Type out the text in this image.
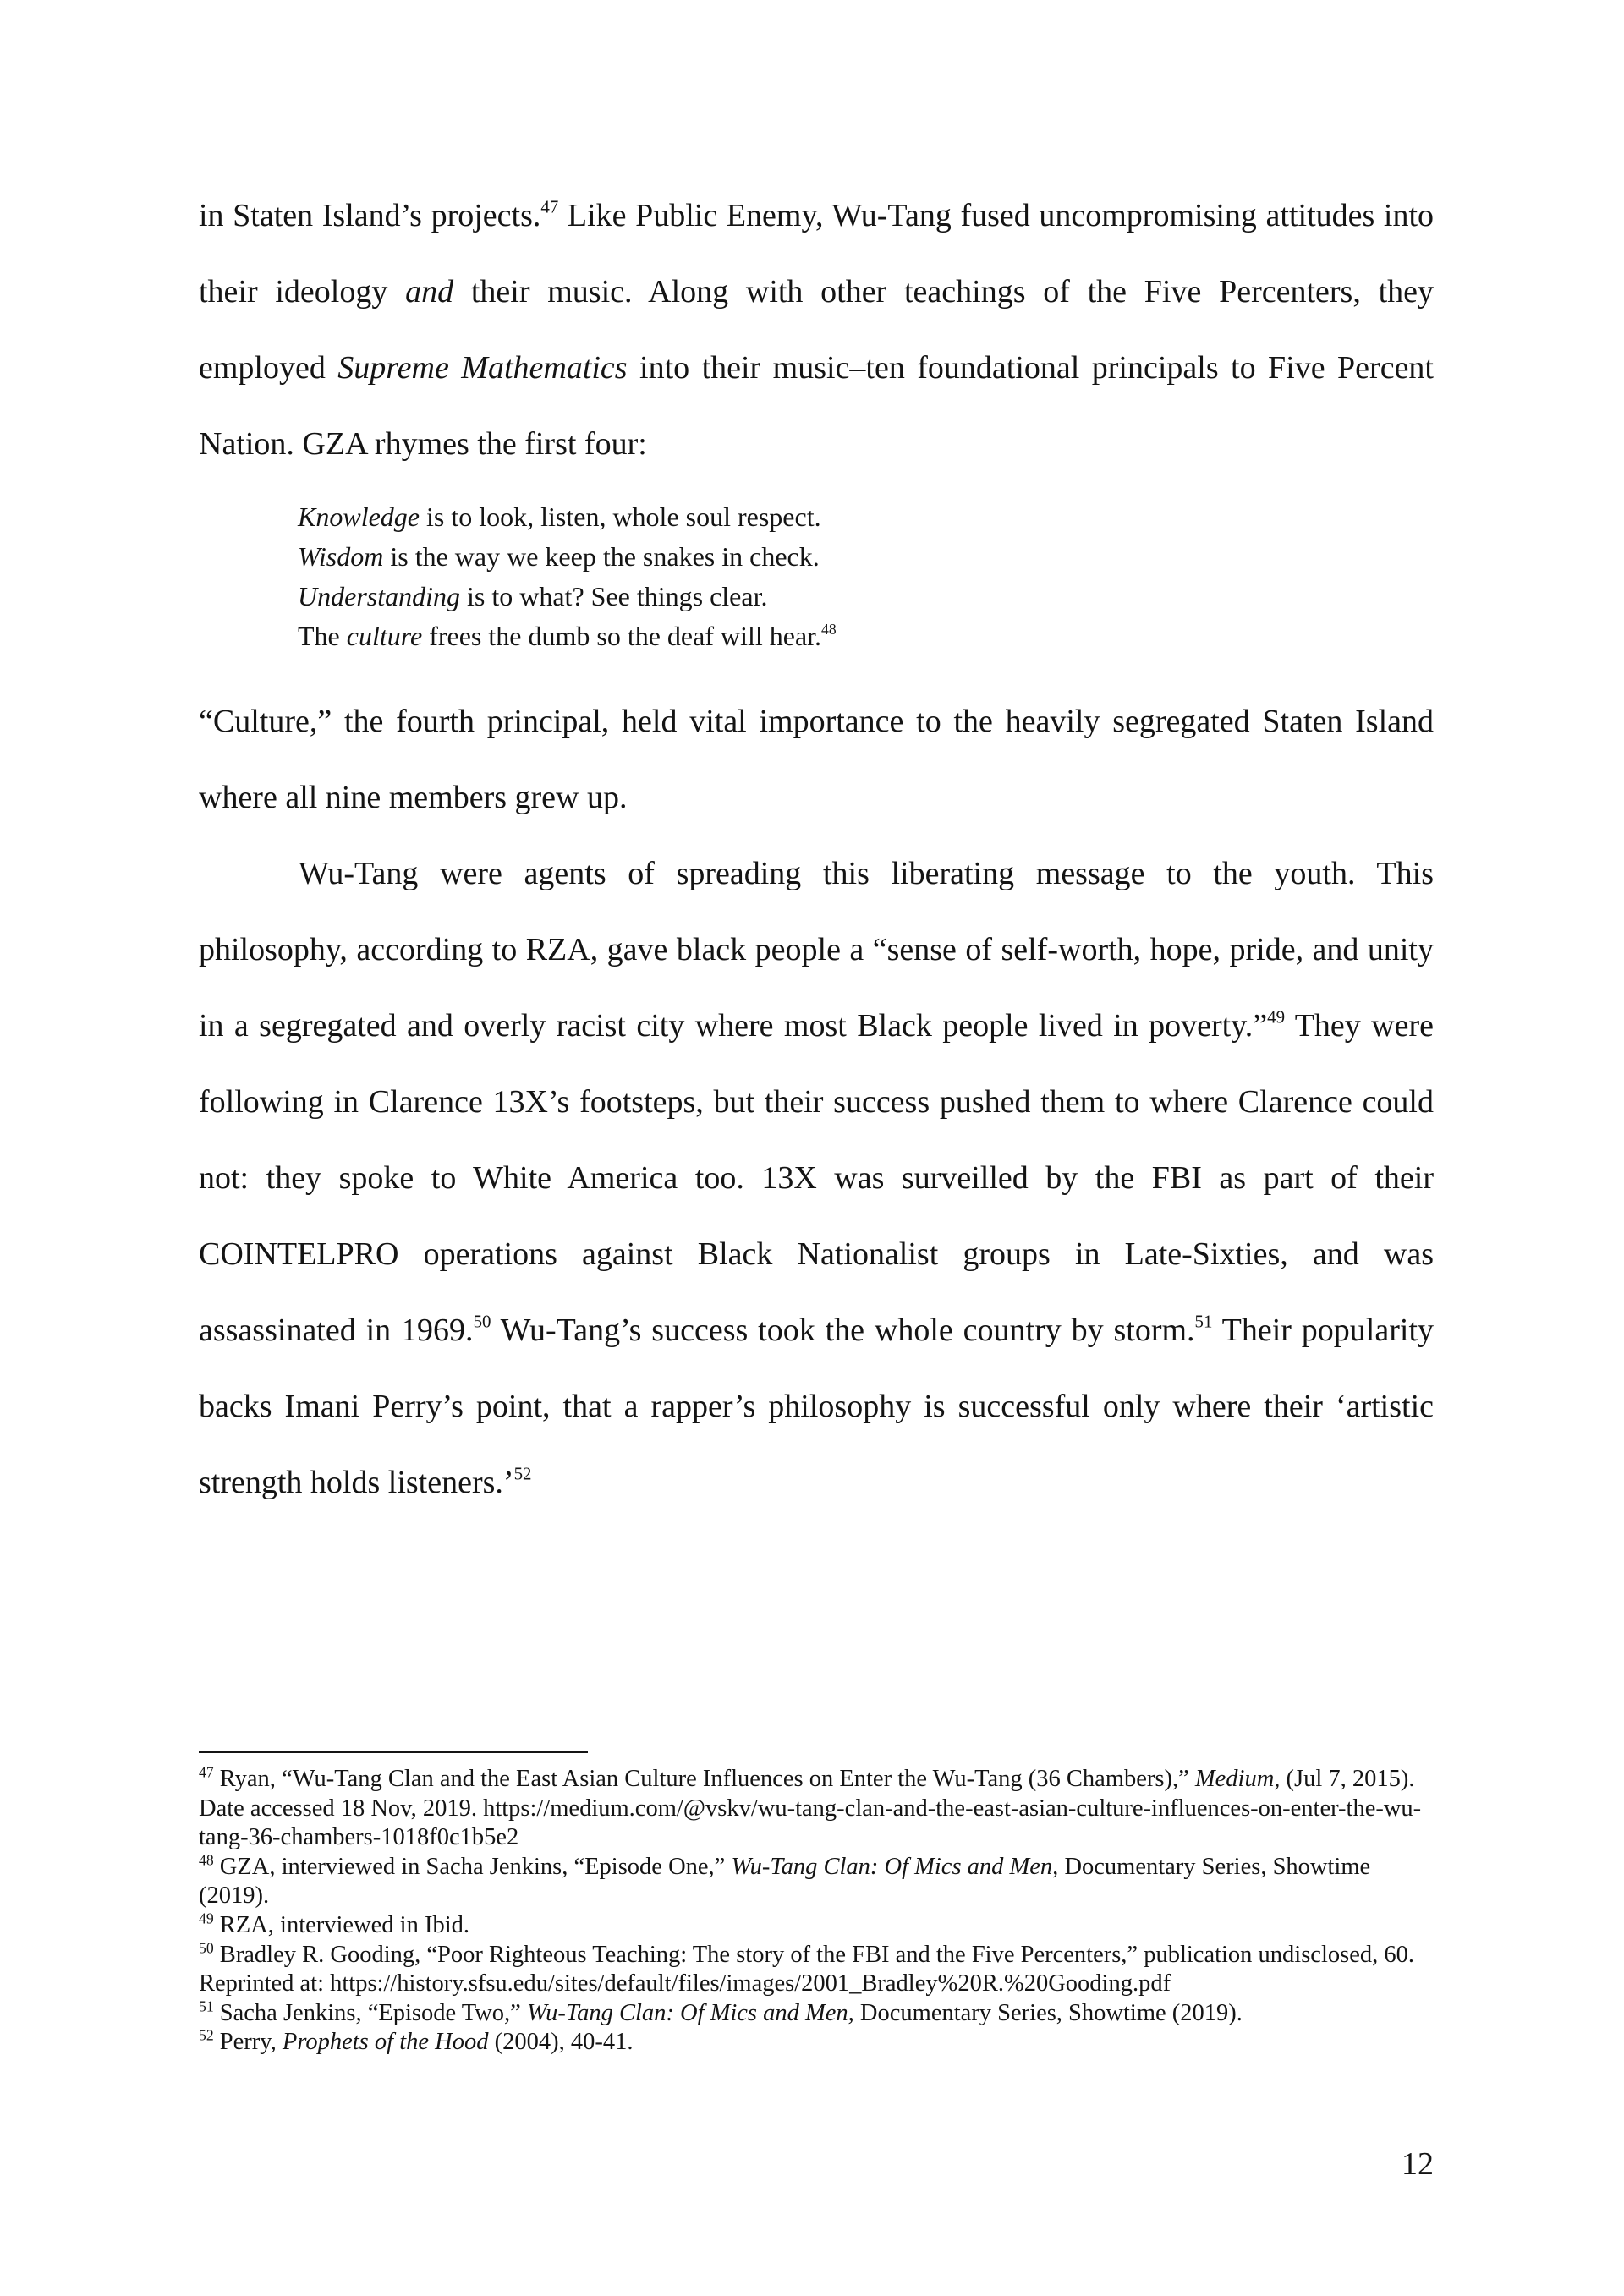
in Staten Island’s projects.$^{47}$ Like Public Enemy, Wu-Tang fused uncompromising attitudes into their ideology and their music. Along with other teachings of the Five Percenters, they employed Supreme Mathematics into their music–ten foundational principals to Five Percent Nation. GZA rhymes the first four:

Knowledge is to look, listen, whole soul respect.
Wisdom is the way we keep the snakes in check.
Understanding is to what? See things clear.
The culture frees the dumb so the deaf will hear.$^{48}$

“Culture,” the fourth principal, held vital importance to the heavily segregated Staten Island where all nine members grew up.

Wu-Tang were agents of spreading this liberating message to the youth. This philosophy, according to RZA, gave black people a “sense of self-worth, hope, pride, and unity in a segregated and overly racist city where most Black people lived in poverty.”$^{49}$ They were following in Clarence 13X’s footsteps, but their success pushed them to where Clarence could not: they spoke to White America too. 13X was surveilled by the FBI as part of their COINTELPRO operations against Black Nationalist groups in Late-Sixties, and was assassinated in 1969.50 Wu-Tang’s success took the whole country by storm.$^{51}$ Their popularity backs Imani Perry’s point, that a rapper’s philosophy is successful only where their ‘artistic strength holds listeners.’$^{52}$

$^{47}$ Ryan, “Wu-Tang Clan and the East Asian Culture Influences on Enter the Wu-Tang (36 Chambers),” Medium, (Jul 7, 2015). Date accessed 18 Nov, 2019. https://medium.com/@vskv/wu-tang-clan-and-the-east-asian-culture-influences-on-enter-the-wu-tang-36-chambers-1018f0c1b5e2
$^{48}$ GZA, interviewed in Sacha Jenkins, “Episode One,” Wu-Tang Clan: Of Mics and Men, Documentary Series, Showtime (2019).
$^{49}$ RZA, interviewed in Ibid.
$^{50}$ Bradley R. Gooding, “Poor Righteous Teaching: The story of the FBI and the Five Percenters,” publication undisclosed, 60. Reprinted at: https://history.sfsu.edu/sites/default/files/images/2001_Bradley%20R.%20Gooding.pdf
$^{51}$ Sacha Jenkins, “Episode Two,” Wu-Tang Clan: Of Mics and Men, Documentary Series, Showtime (2019).
$^{52}$ Perry, Prophets of the Hood (2004), 40-41.
12
